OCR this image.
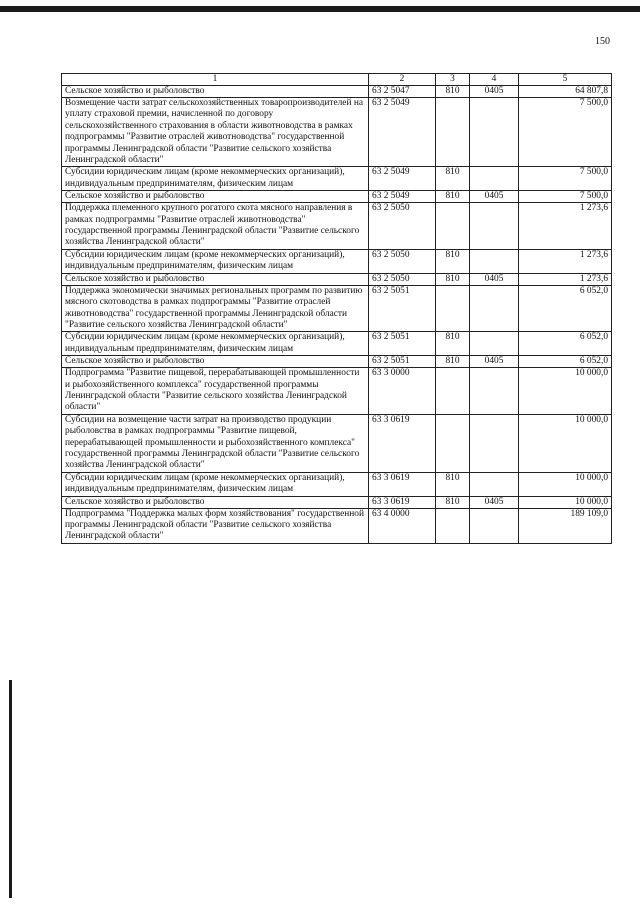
150
1	2	3	4	5
Сельское хозяйство и рыболовство	63 2 5047	810	0405	64 807,8
Возмещение части затрат сельскохозяйственных товаропроизводителей на уплату страховой премии, начисленной по договору сельскохозяйственного страхования в области животноводства в рамках подпрограммы "Развитие отраслей животноводства" государственной программы Ленинградской области "Развитие сельского хозяйства Ленинградской области"	63 2 5049			7 500,0
Субсидии юридическим лицам (кроме некоммерческих организаций), индивидуальным предпринимателям, физическим лицам	63 2 5049	810		7 500,0
Сельское хозяйство и рыболовство	63 2 5049	810	0405	7 500,0
Поддержка племенного крупного рогатого скота мясного направления в рамках подпрограммы "Развитие отраслей животноводства" государственной программы Ленинградской области "Развитие сельского хозяйства Ленинградской области"	63 2 5050			1 273,6
Субсидии юридическим лицам (кроме некоммерческих организаций), индивидуальным предпринимателям, физическим лицам	63 2 5050	810		1 273,6
Сельское хозяйство и рыболовство	63 2 5050	810	0405	1 273,6
Поддержка экономически значимых региональных программ по развитию мясного скотоводства в рамках подпрограммы "Развитие отраслей животноводства" государственной программы Ленинградской области "Развитие сельского хозяйства Ленинградской области"	63 2 5051			6 052,0
Субсидии юридическим лицам (кроме некоммерческих организаций), индивидуальным предпринимателям, физическим лицам	63 2 5051	810		6 052,0
Сельское хозяйство и рыболовство	63 2 5051	810	0405	6 052,0
Подпрограмма "Развитие пищевой, перерабатывающей промышленности и рыбохозяйственного комплекса" государственной программы Ленинградской области "Развитие сельского хозяйства Ленинградской области"	63 3 0000			10 000,0
Субсидии на возмещение части затрат на производство продукции рыболовства в рамках подпрограммы "Развитие пищевой, перерабатывающей промышленности и рыбохозяйственного комплекса" государственной программы Ленинградской области "Развитие сельского хозяйства Ленинградской области"	63 3 0619			10 000,0
Субсидии юридическим лицам (кроме некоммерческих организаций), индивидуальным предпринимателям, физическим лицам	63 3 0619	810		10 000,0
Сельское хозяйство и рыболовство	63 3 0619	810	0405	10 000,0
Подпрограмма "Поддержка малых форм хозяйствования" государственной программы Ленинградской области "Развитие сельского хозяйства Ленинградской области"	63 4 0000			189 109,0
